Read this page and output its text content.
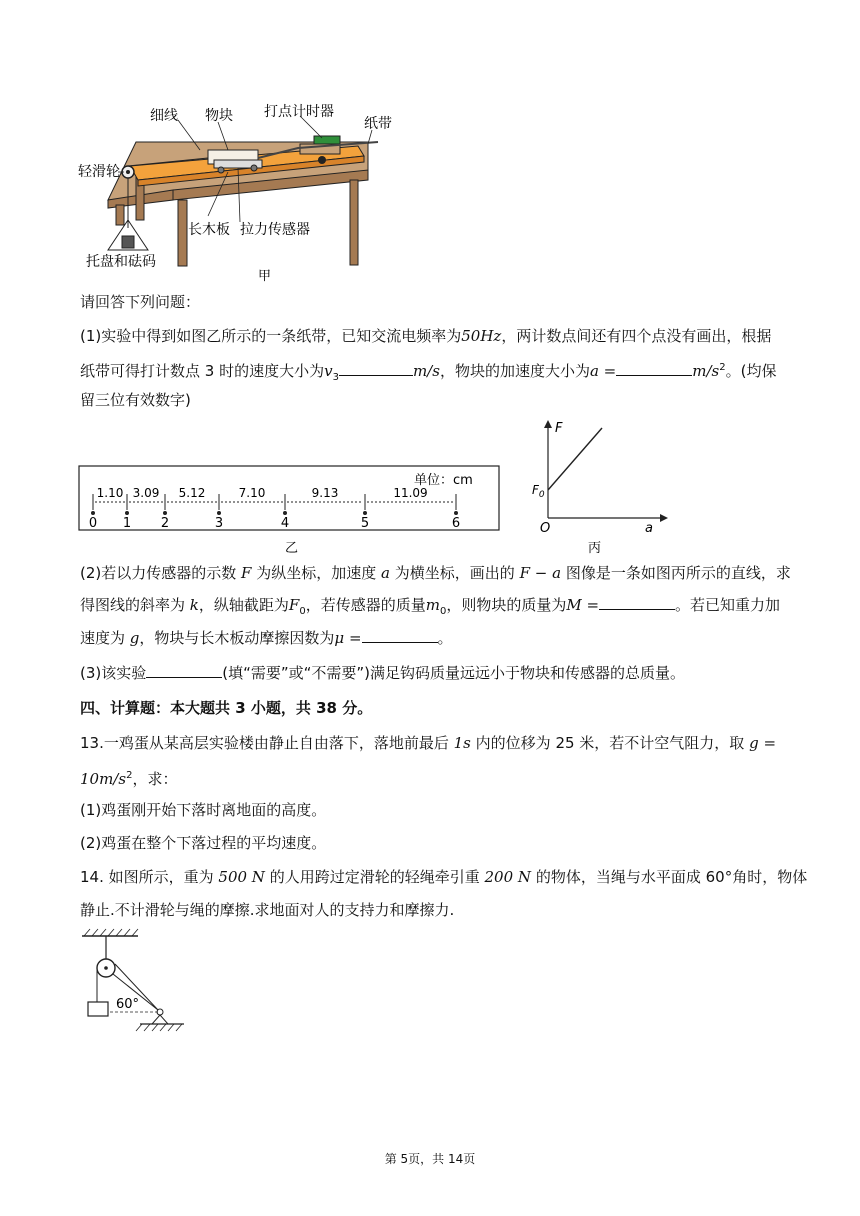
细线 物块 打点计时器
纸带
轻滑轮
长木板 拉力传感器
托盘和砝码
甲
请回答下列问题：
(1)实验中得到如图乙所示的一条纸带，已知交流电频率为50Hz，两计数点间还有四个点没有画出，根据
纸带可得打计数点 3 时的速度大小为$v_3$	m/s，物块的加速度大小为a =	$m/s^2$。(均保
留三位有效数字)
单位：cm
1.10 3.09 5.12	7.10	9.13	11.09
0 1 2	3	4	5	6
乙
F
$F_0$
O	a
丙
(2)若以力传感器的示数 F 为纵坐标，加速度 a 为横坐标，画出的 F − a 图像是一条如图丙所示的直线，求
得图线的斜率为 k，纵轴截距为$F_0$，若传感器的质量$m_0$，则物块的质量为M =	。若已知重力加
速度为 g，物块与长木板动摩擦因数为μ =	。
(3)该实验	(填“需要”或“不需要”)满足钩码质量远远小于物块和传感器的总质量。
四、计算题：本大题共 3 小题，共 38 分。
13.一鸡蛋从某高层实验楼由静止自由落下，落地前最后 1s 内的位移为 25 米，若不计空气阻力，取 g =
$10m/s^2$，求：
(1)鸡蛋刚开始下落时离地面的高度。
(2)鸡蛋在整个下落过程的平均速度。
14. 如图所示，重为 500 N 的人用跨过定滑轮的轻绳牵引重 200 N 的物体，当绳与水平面成 60°角时，物体
静止.不计滑轮与绳的摩擦.求地面对人的支持力和摩擦力.
60°
第 5页，共 14页
